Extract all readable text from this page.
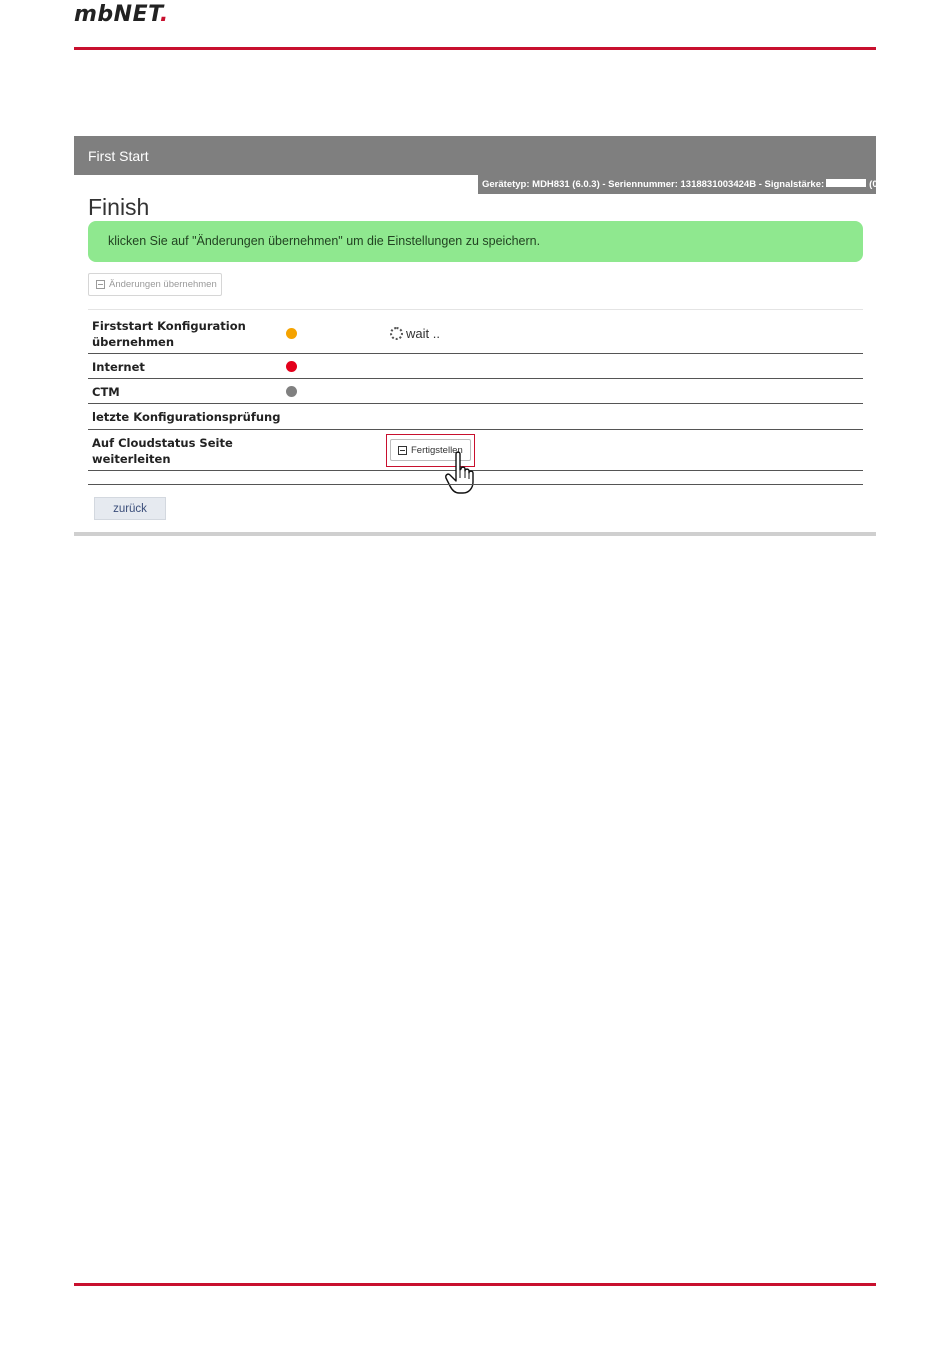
mbNET.
First Start
Gerätetyp: MDH831 (6.0.3) - Seriennummer: 1318831003424B - Signalstärke:	(0)
Finish
klicken Sie auf "Änderungen übernehmen" um die Einstellungen zu speichern.
Änderungen übernehmen
Firststart Konfiguration
übernehmen
wait ..
Internet
CTM
letzte Konfigurationsprüfung
Auf Cloudstatus Seite
weiterleiten
Fertigstellen
zurück
